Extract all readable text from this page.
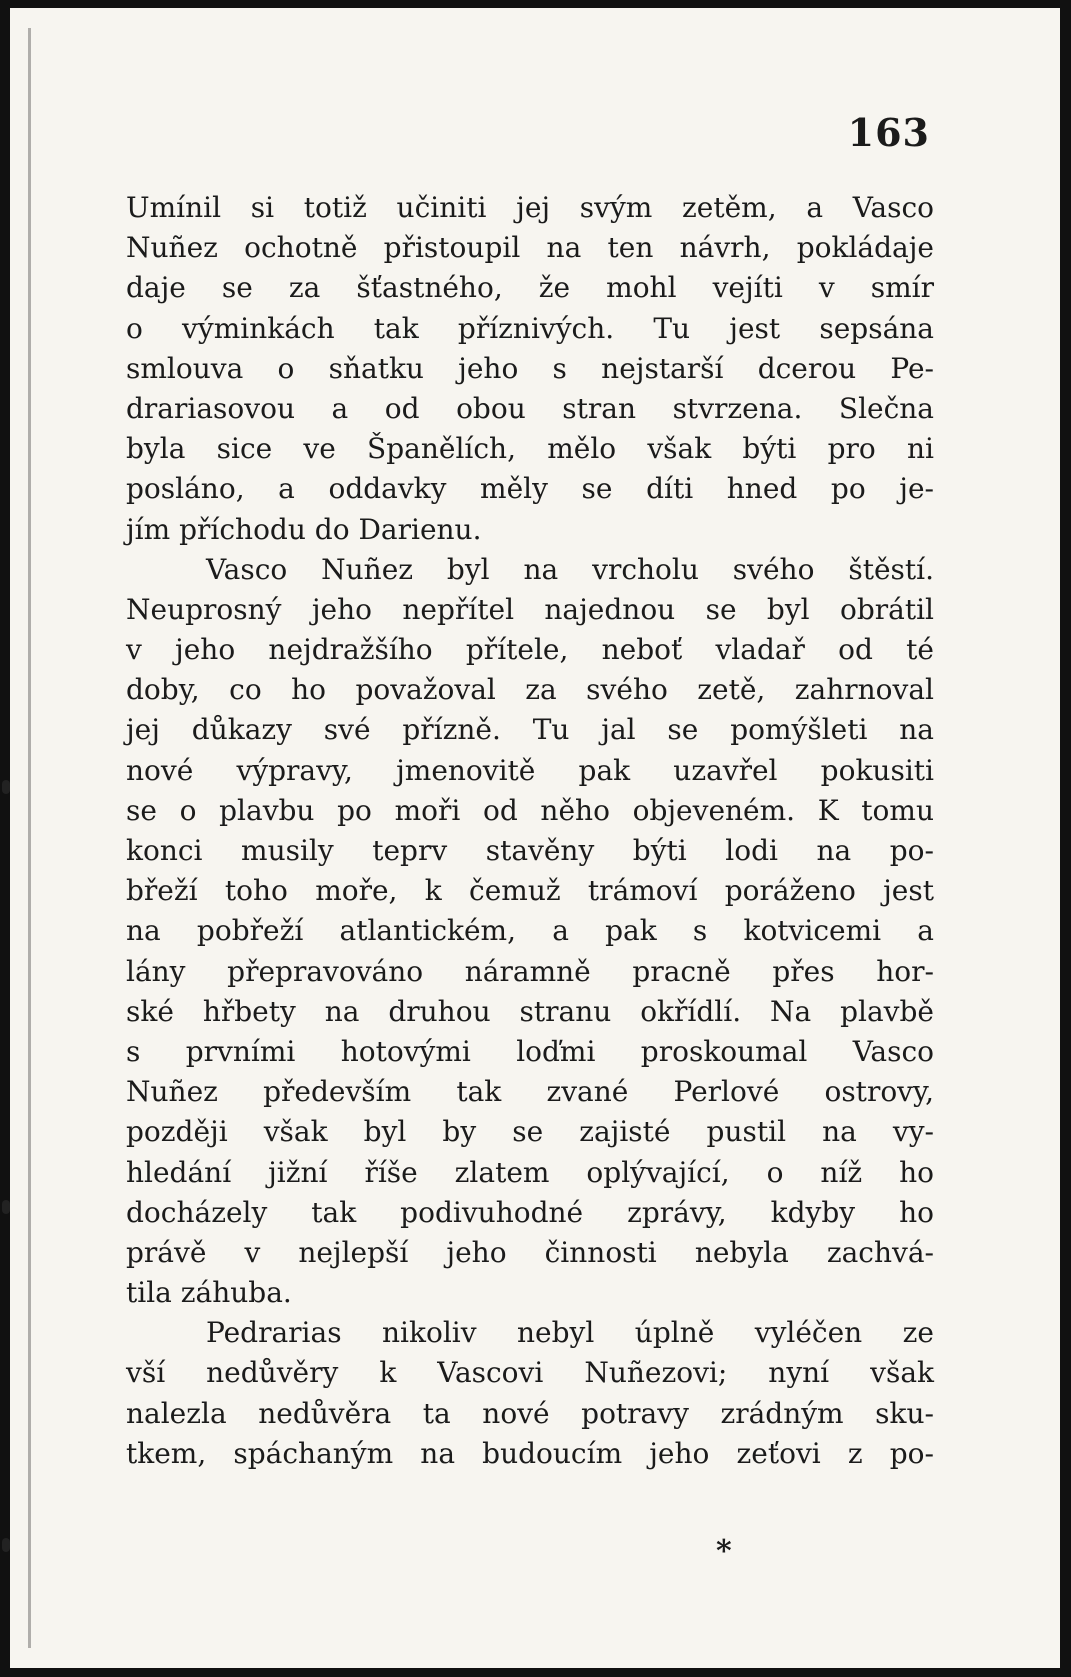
163
Umínil si totiž učiniti jej svým zetěm, a Vasco
Nuñez ochotně přistoupil na ten návrh, pokládaje
daje se za šťastného, že mohl vejíti v smír
o výminkách tak příznivých. Tu jest sepsána
smlouva o sňatku jeho s nejstarší dcerou Pe-
drariasovou a od obou stran stvrzena. Slečna
byla sice ve Španělích, mělo však býti pro ni
posláno, a oddavky měly se díti hned po je-
jím příchodu do Darienu.
Vasco Nuñez byl na vrcholu svého štěstí.
Neuprosný jeho nepřítel najednou se byl obrátil
v jeho nejdražšího přítele, neboť vladař od té
doby, co ho považoval za svého zetě, zahrnoval
jej důkazy své přízně. Tu jal se pomýšleti na
nové výpravy, jmenovitě pak uzavřel pokusiti
se o plavbu po moři od něho objeveném. K tomu
konci musily teprv stavěny býti lodi na po-
břeží toho moře, k čemuž trámoví poráženo jest
na pobřeží atlantickém, a pak s kotvicemi a
lány přepravováno náramně pracně přes hor-
ské hřbety na druhou stranu okřídlí. Na plavbě
s prvními hotovými loďmi proskoumal Vasco
Nuñez především tak zvané Perlové ostrovy,
později však byl by se zajisté pustil na vy-
hledání jižní říše zlatem oplývající, o níž ho
docházely tak podivuhodné zprávy, kdyby ho
právě v nejlepší jeho činnosti nebyla zachvá-
tila záhuba.
Pedrarias nikoliv nebyl úplně vyléčen ze
vší nedůvěry k Vascovi Nuñezovi; nyní však
nalezla nedůvěra ta nové potravy zrádným sku-
tkem, spáchaným na budoucím jeho zeťovi z po-
*
